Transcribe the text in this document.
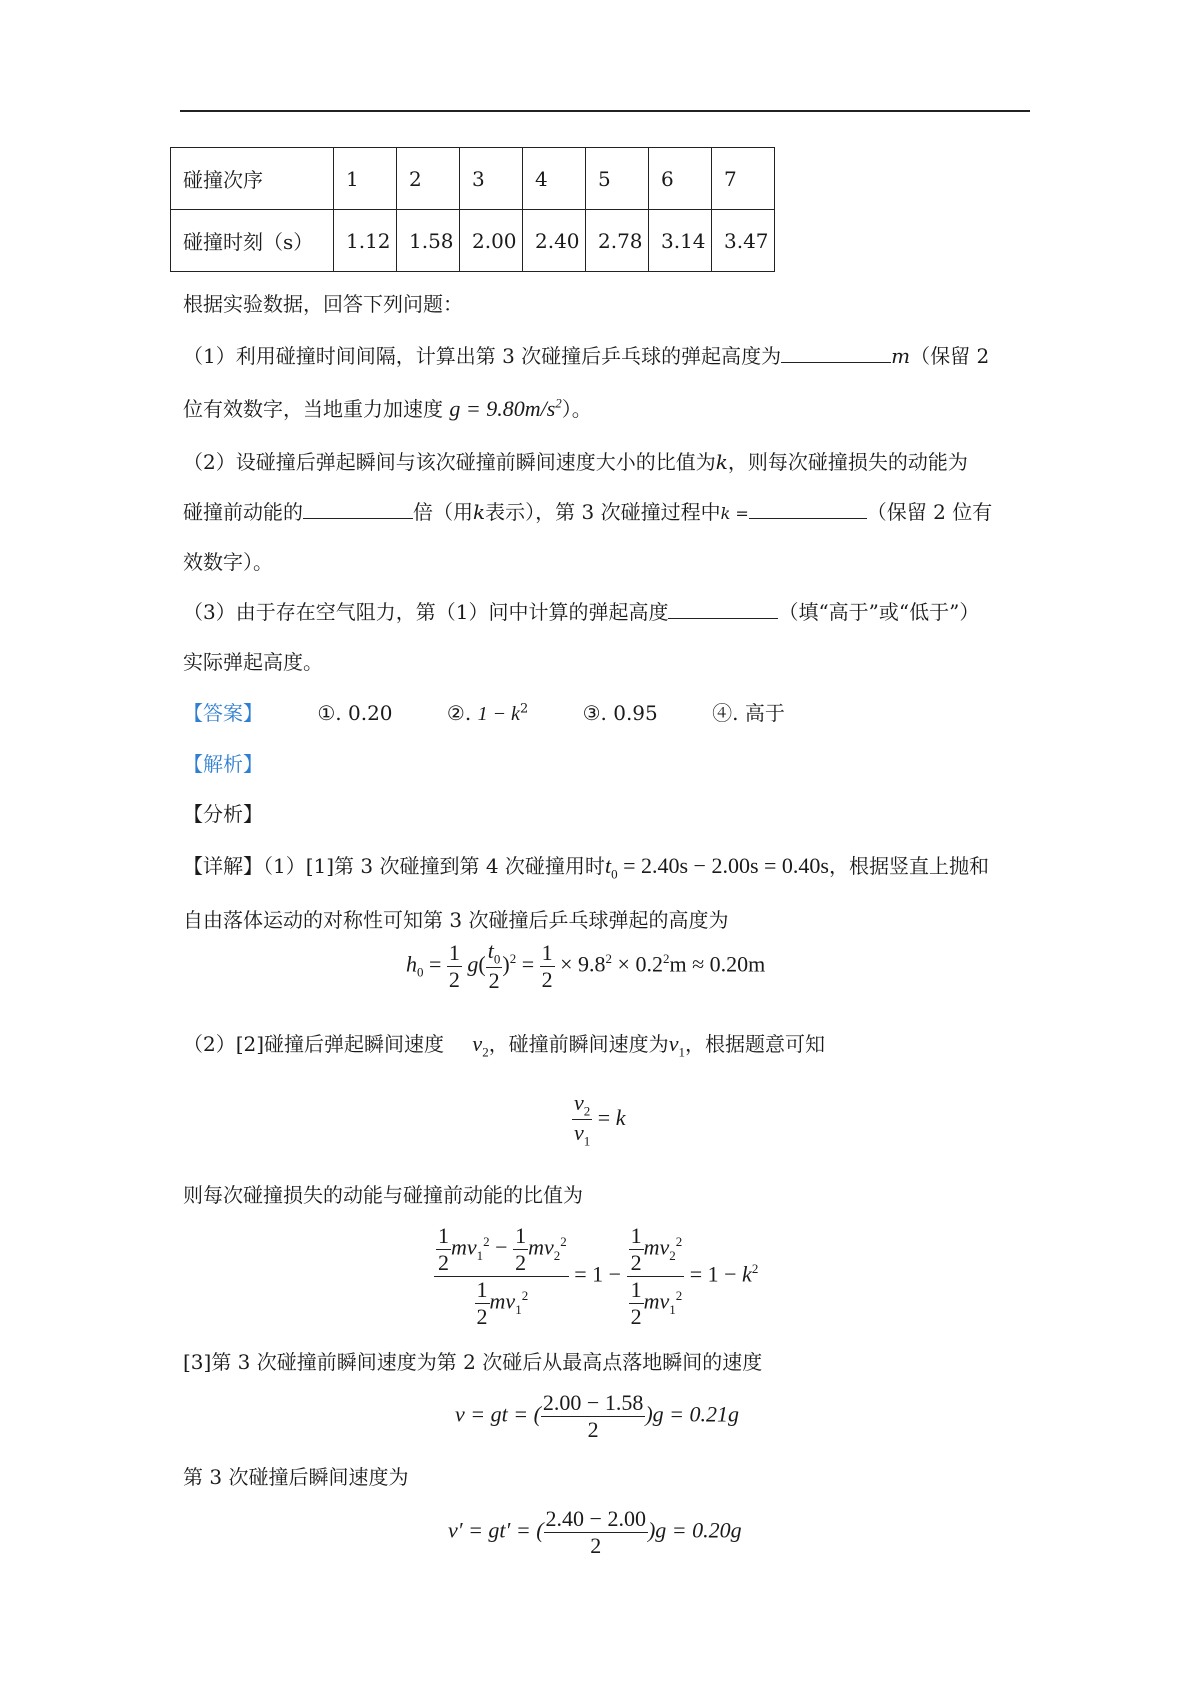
碰撞次序	1	2	3	4	5	6	7
碰撞时刻（s）	1.12	1.58	2.00	2.40	2.78	3.14	3.47
根据实验数据，回答下列问题：
（1）利用碰撞时间间隔，计算出第 3 次碰撞后乒乓球的弹起高度为	m（保留 2
位有效数字，当地重力加速度 $g = 9.80m/s^2$）。
（2）设碰撞后弹起瞬间与该次碰撞前瞬间速度大小的比值为k，则每次碰撞损失的动能为
碰撞前动能的	倍（用k表示），第 3 次碰撞过程中k =	（保留 2 位有
效数字）。
（3）由于存在空气阻力，第（1）问中计算的弹起高度	（填“高于”或“低于”）
实际弹起高度。
【答案】	①. 0.20	②. $1 - k^2$	③. 0.95	④. 高于
【解析】
【分析】
【详解】（1）[1]第 3 次碰撞到第 4 次碰撞用时$t_0 = 2.40s - 2.00s = 0.40s$，根据竖直上抛和
自由落体运动的对称性可知第 3 次碰撞后乒乓球弹起的高度为
$h_0 = \frac{1}{2} g( \frac{t_0}{2} )^2 = \frac{1}{2} \times 9.8^2 \times 0.2^2m \approx 0.20m$
（2）[2]碰撞后弹起瞬间速度 $v_2$，碰撞前瞬间速度为$v_1$，根据题意可知
$\frac{v_2}{v_1} = k$
则每次碰撞损失的动能与碰撞前动能的比值为
$\frac{\frac{1}{2} mv_1^2 - \frac{1}{2} mv_2^2}{\frac{1}{2} mv_1^2} = 1 - \frac{\frac{1}{2} mv_2^2}{\frac{1}{2} mv_1^2} = 1 - k^2$
[3]第 3 次碰撞前瞬间速度为第 2 次碰后从最高点落地瞬间的速度
v = gt = ( $\frac{2.00 - 1.58}{2} )g = 0.21g$
第 3 次碰撞后瞬间速度为
v′ = gt′ = ( $\frac{2.40 - 2.00}{2} )g = 0.20g$
